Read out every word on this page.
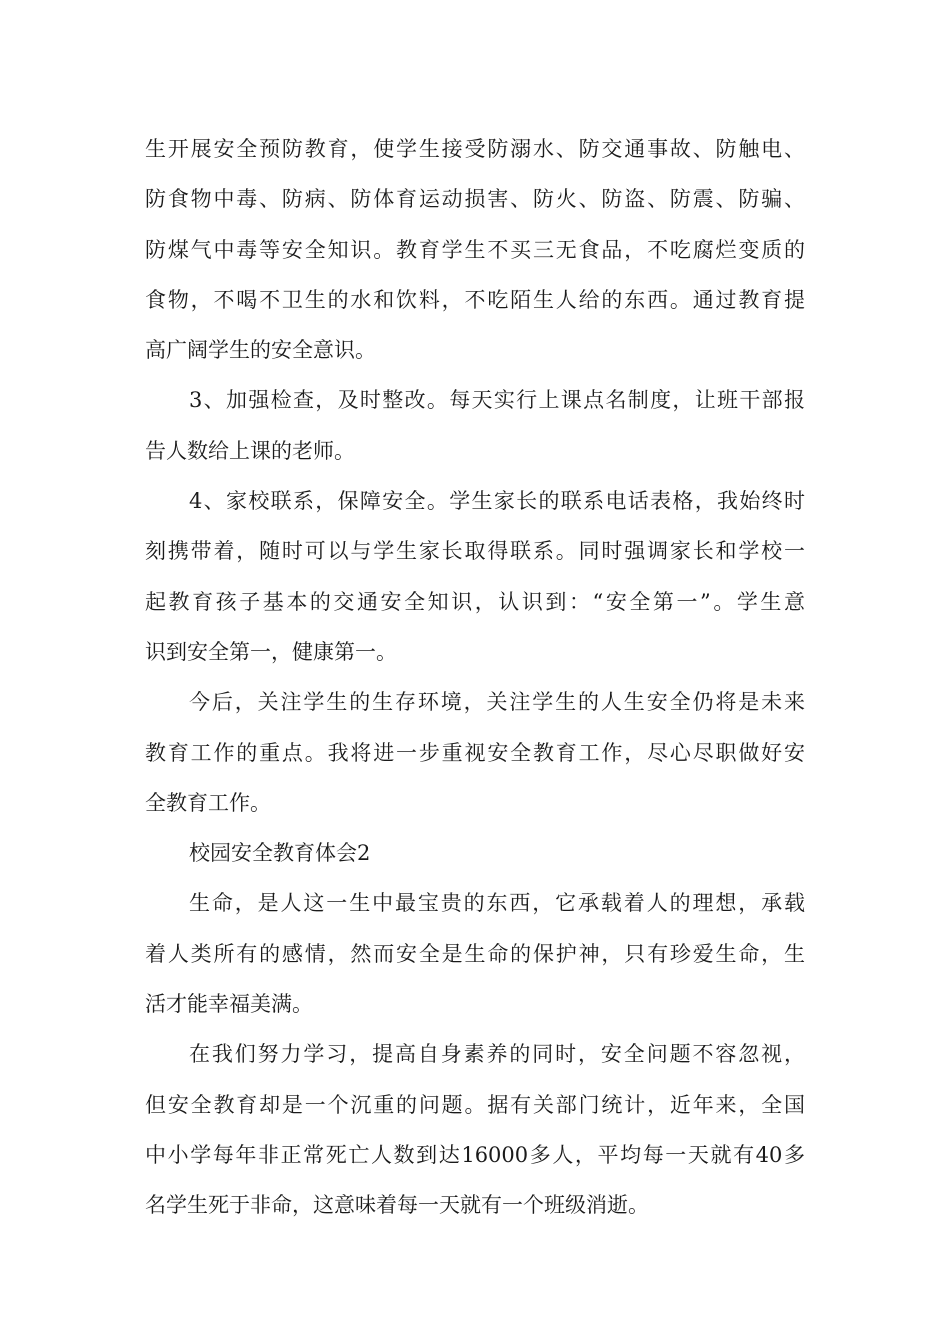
生开展安全预防教育，使学生接受防溺水、防交通事故、防触电、
防食物中毒、防病、防体育运动损害、防火、防盗、防震、防骗、
防煤气中毒等安全知识。教育学生不买三无食品，不吃腐烂变质的
食物，不喝不卫生的水和饮料，不吃陌生人给的东西。通过教育提
高广阔学生的安全意识。
3、加强检查，及时整改。每天实行上课点名制度，让班干部报
告人数给上课的老师。
4、家校联系，保障安全。学生家长的联系电话表格，我始终时
刻携带着，随时可以与学生家长取得联系。同时强调家长和学校一
起教育孩子基本的交通安全知识，认识到：“安全第一”。学生意
识到安全第一，健康第一。
今后，关注学生的生存环境，关注学生的人生安全仍将是未来
教育工作的重点。我将进一步重视安全教育工作，尽心尽职做好安
全教育工作。
校园安全教育体会2
生命，是人这一生中最宝贵的东西，它承载着人的理想，承载
着人类所有的感情，然而安全是生命的保护神，只有珍爱生命，生
活才能幸福美满。
在我们努力学习，提高自身素养的同时，安全问题不容忽视，
但安全教育却是一个沉重的问题。据有关部门统计，近年来，全国
中小学每年非正常死亡人数到达16000多人，平均每一天就有40多
名学生死于非命，这意味着每一天就有一个班级消逝。
